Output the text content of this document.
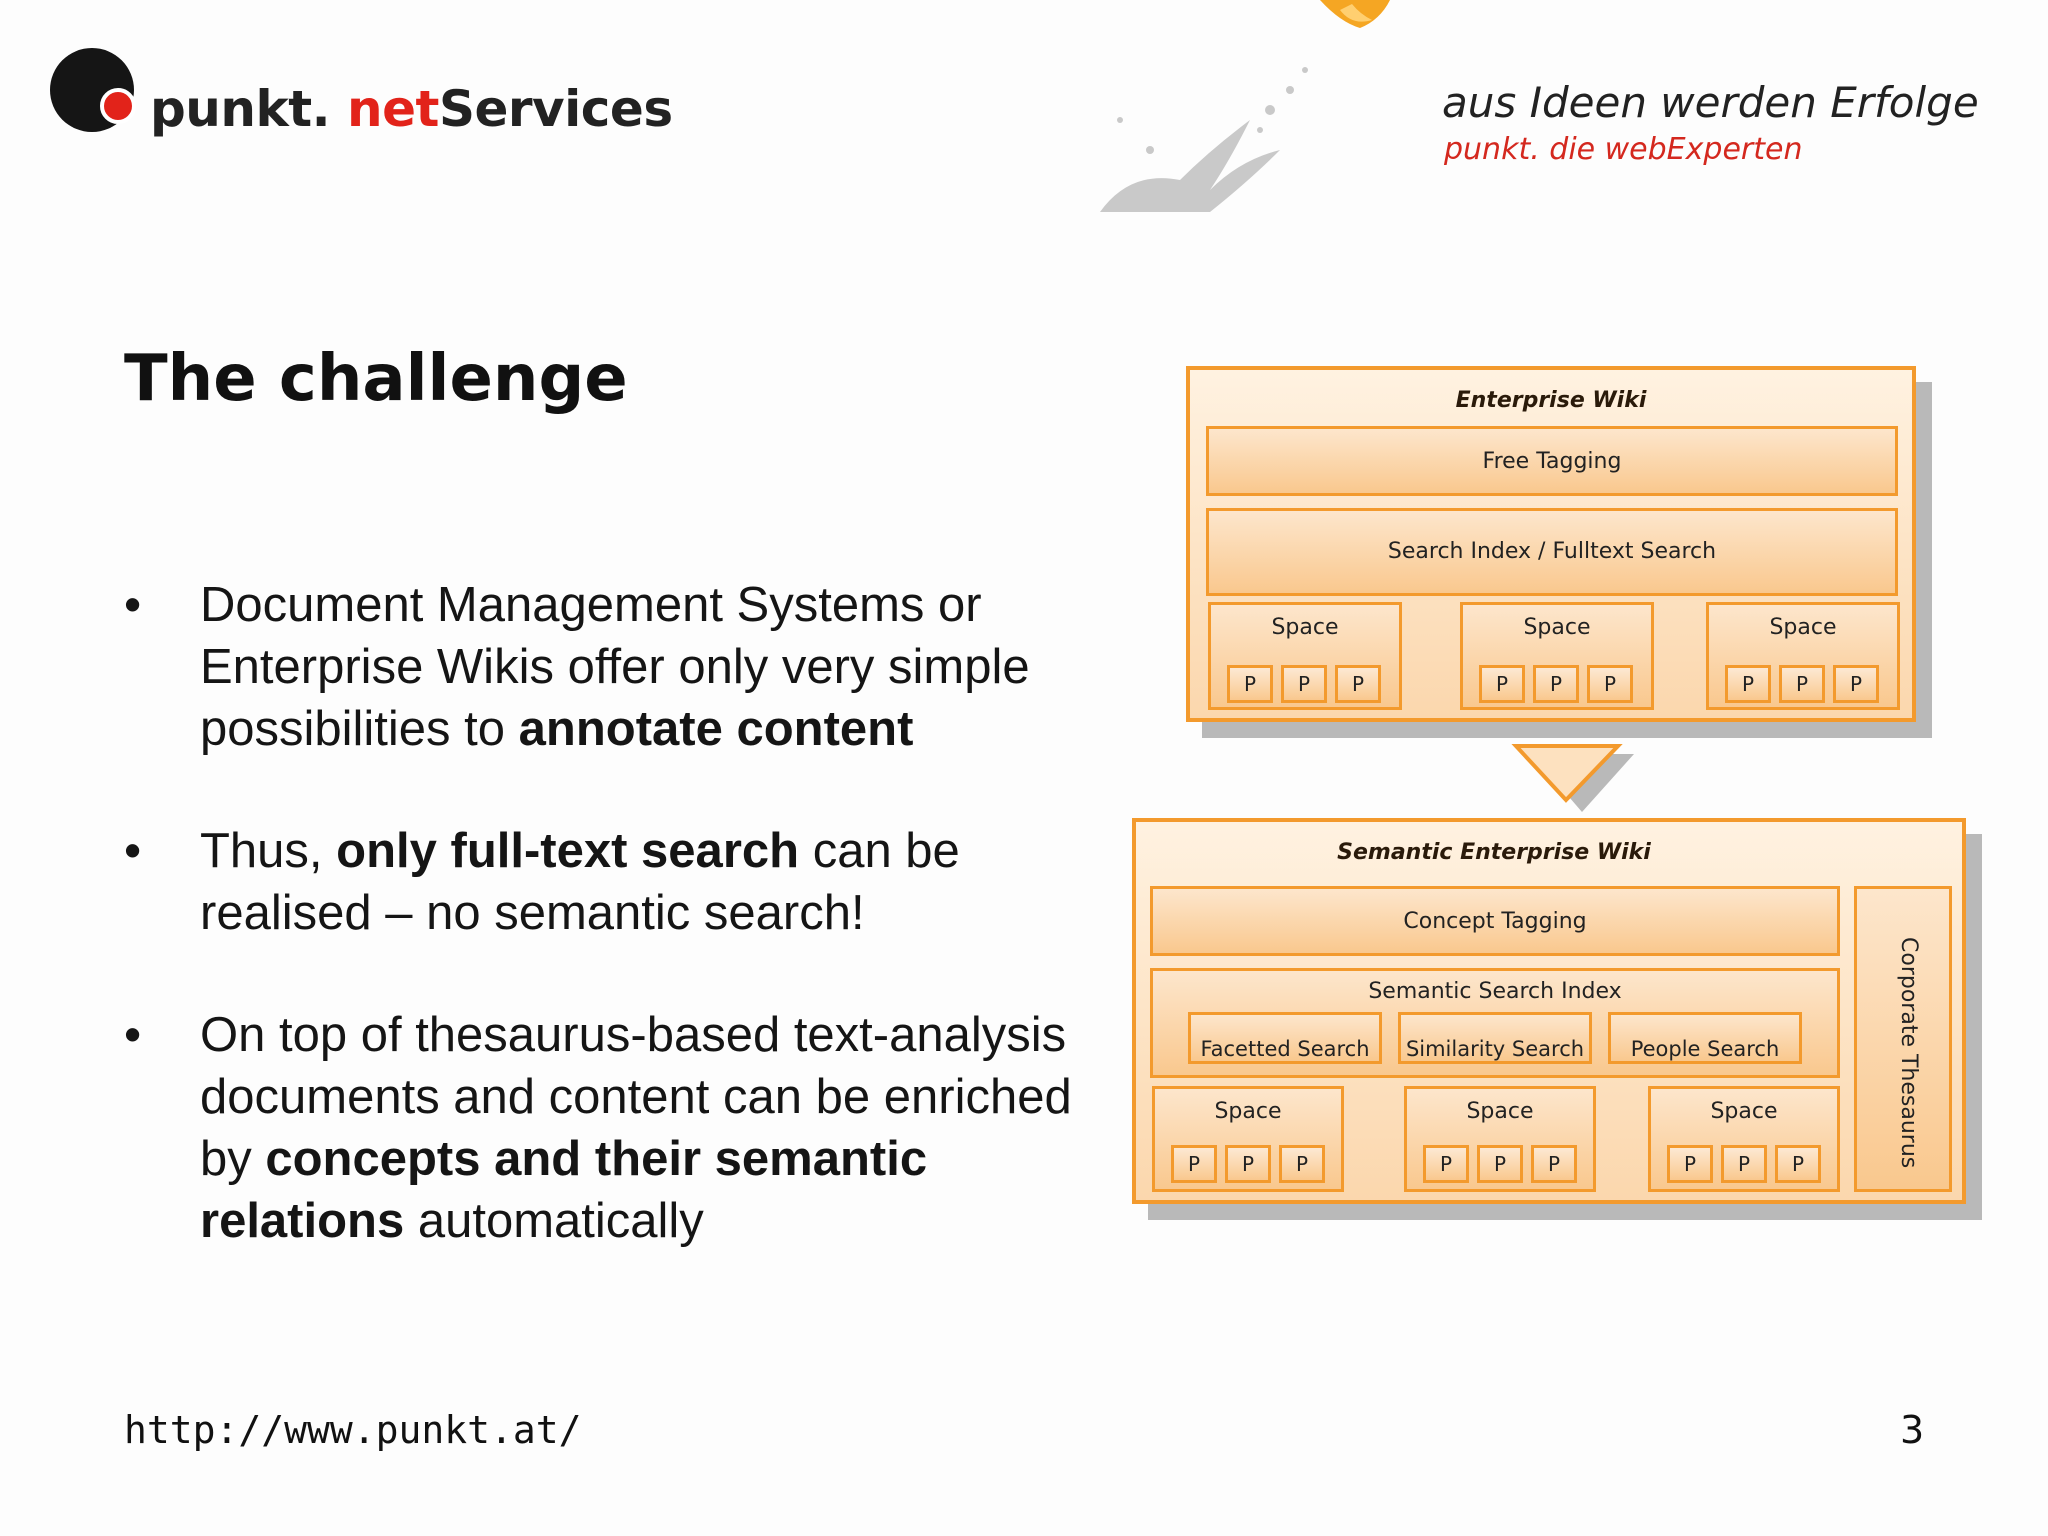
punkt. netServices	aus Ideen werden Erfolge
punkt. die webExperten
The challenge
• Document Management Systems or Enterprise Wikis offer only very simple possibilities to annotate content
• Thus, only full-text search can be realised – no semantic search!
• On top of thesaurus-based text-analysis documents and content can be enriched by concepts and their semantic relations automatically
Enterprise Wiki
Free Tagging
Search Index / Fulltext Search
Space
P	P	P
Space
P	P	P
Space
P	P	P
Semantic Enterprise Wiki
Concept Tagging
Semantic Search Index
Facetted Search	Similarity Search	People Search
Space
P	P	P
Space
P	P	P
Space
P	P	P	Corporate Thesaurus
http://www.punkt.at/	3
